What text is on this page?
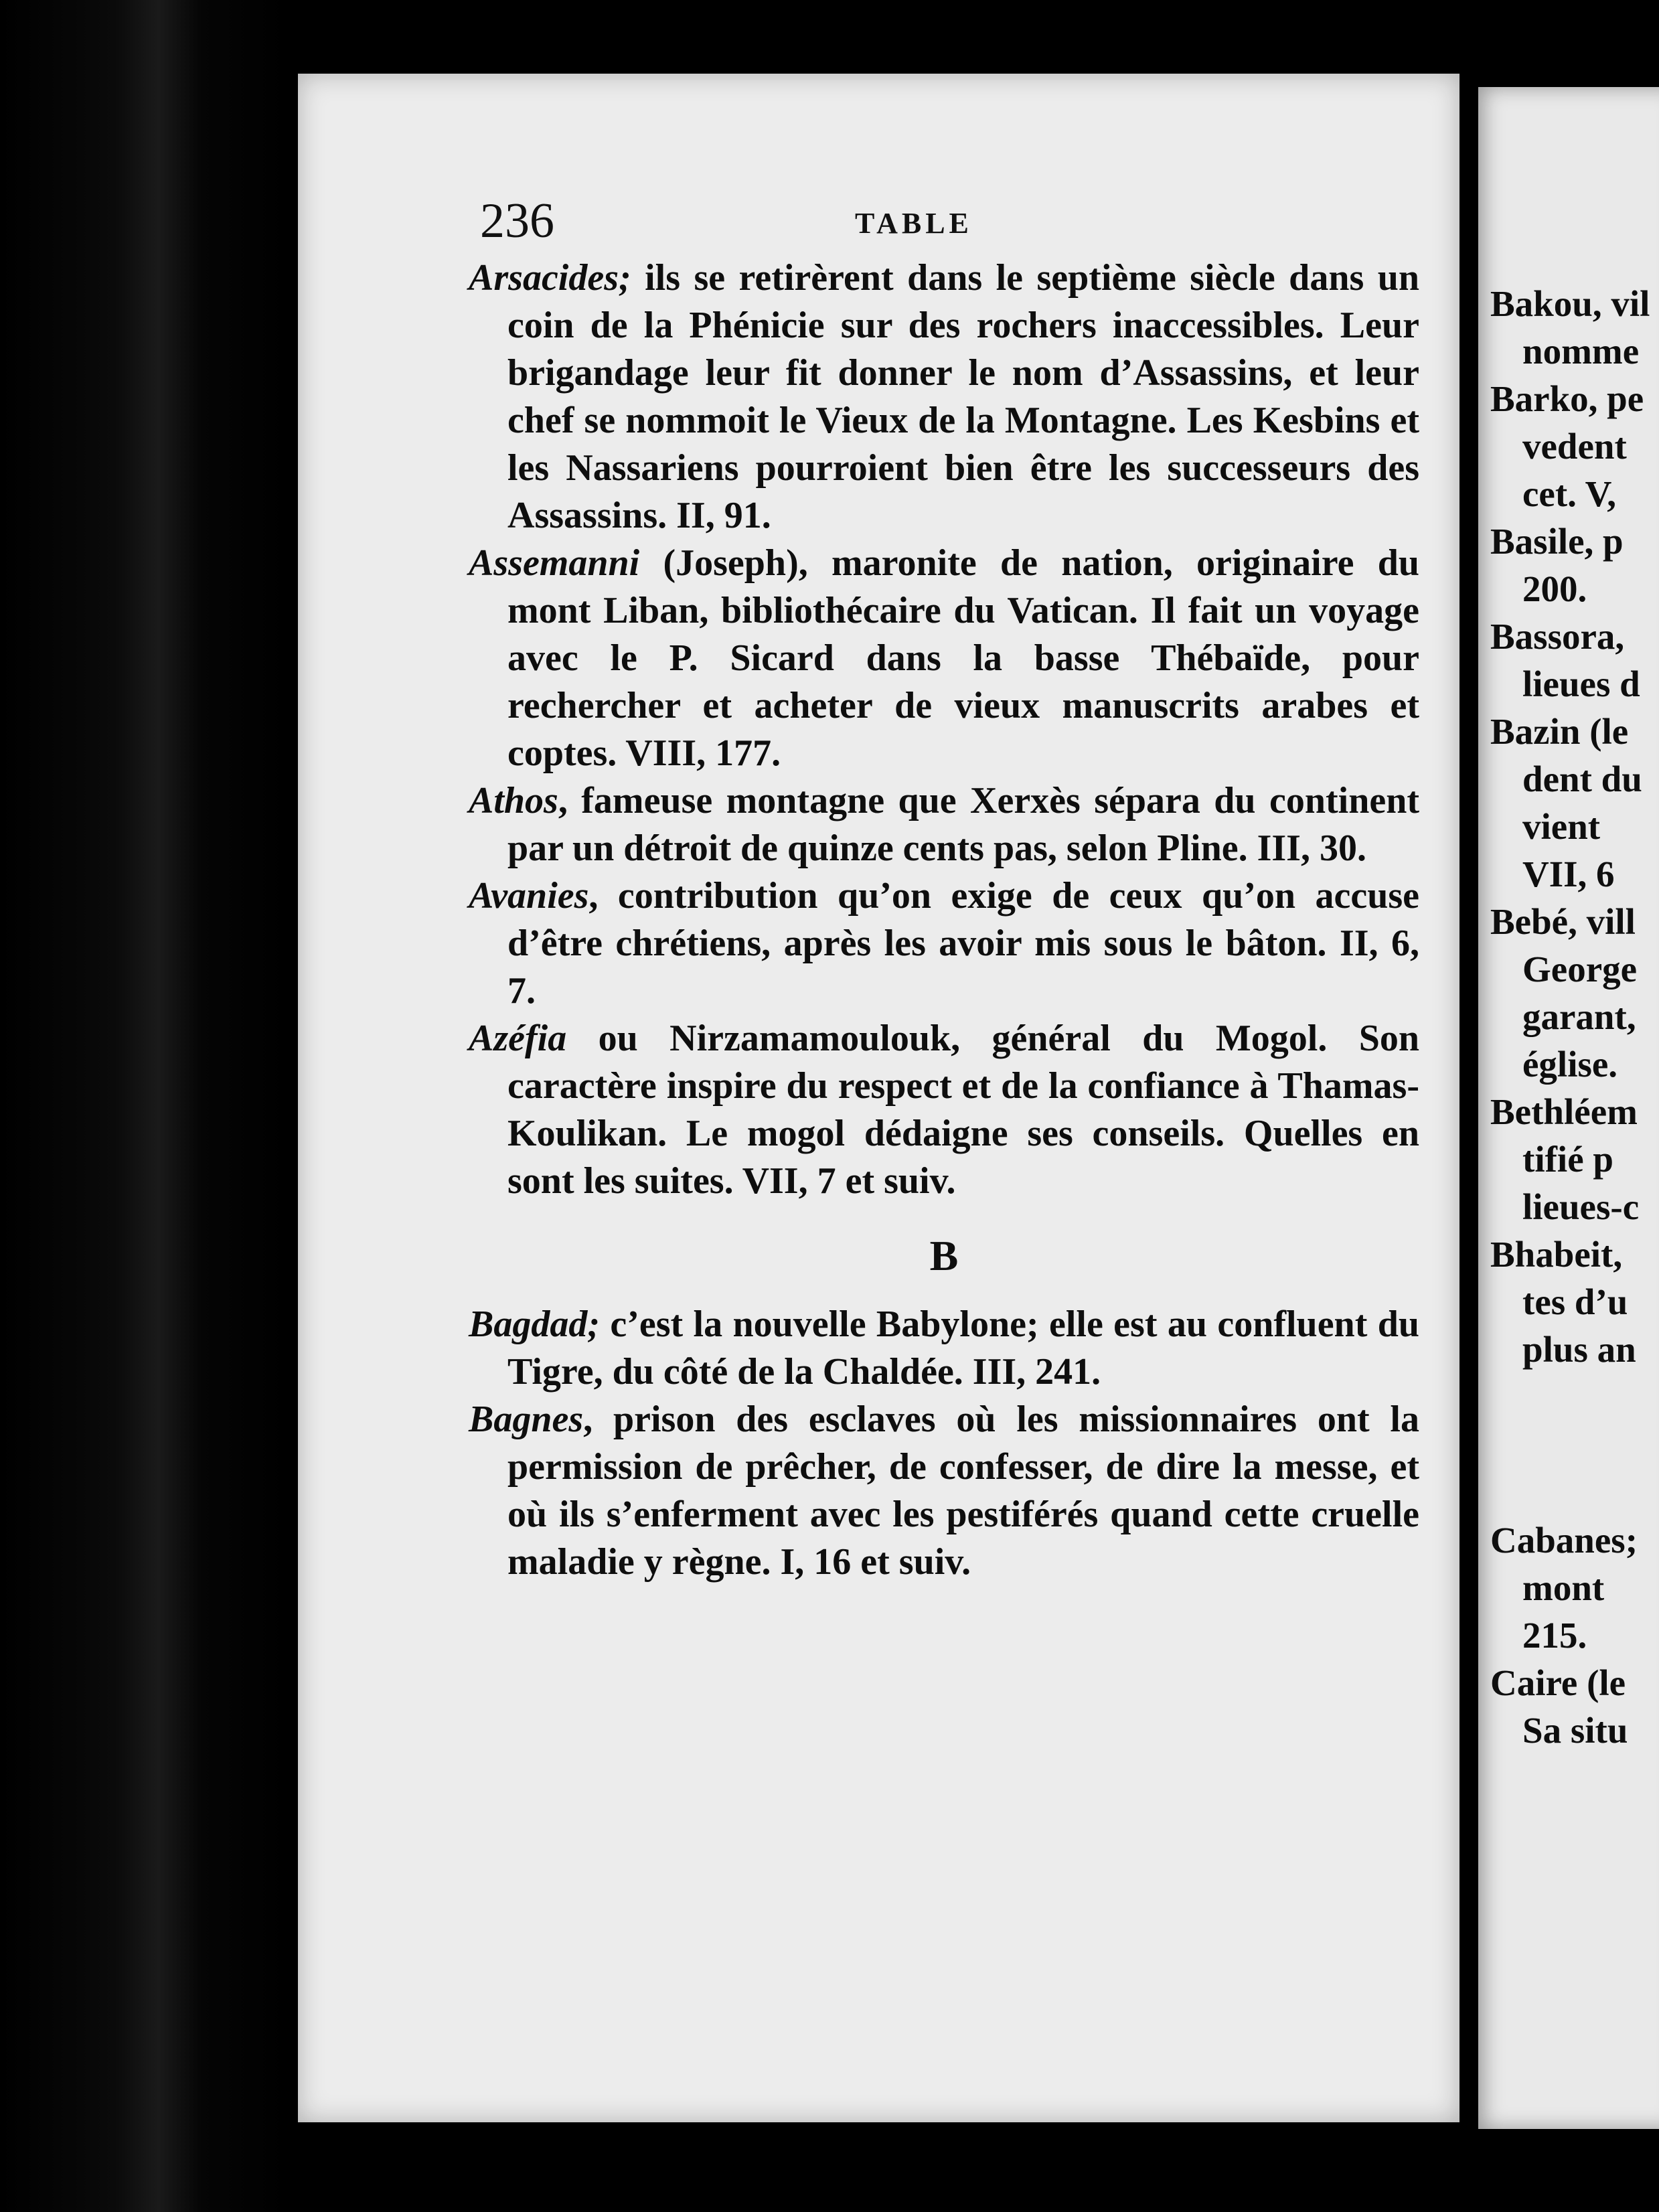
236	TABLE

Arsacides; ils se retirèrent dans le septième siècle dans un coin de la Phénicie sur des rochers inaccessibles. Leur brigandage leur fit donner le nom d’Assassins, et leur chef se nommoit le Vieux de la Montagne. Les Kesbins et les Nassariens pourroient bien être les successeurs des Assassins. II, 91.

Assemanni (Joseph), maronite de nation, originaire du mont Liban, bibliothécaire du Vatican. Il fait un voyage avec le P. Sicard dans la basse Thébaïde, pour rechercher et acheter de vieux manuscrits arabes et coptes. VIII, 177.

Athos, fameuse montagne que Xerxès sépara du continent par un détroit de quinze cents pas, selon Pline. III, 30.

Avanies, contribution qu’on exige de ceux qu’on accuse d’être chrétiens, après les avoir mis sous le bâton. II, 6, 7.

Azéfia ou Nirzamamoulouk, général du Mogol. Son caractère inspire du respect et de la confiance à Thamas-Koulikan. Le mogol dédaigne ses conseils. Quelles en sont les suites. VII, 7 et suiv.

B

Bagdad; c’est la nouvelle Babylone; elle est au confluent du Tigre, du côté de la Chaldée. III, 241.

Bagnes, prison des esclaves où les missionnaires ont la permission de prêcher, de confesser, de dire la messe, et où ils s’enferment avec les pestiférés quand cette cruelle maladie y règne. I, 16 et suiv.

Bakou, vil
nomme
Barko, pe
vedent
cet. V,
Basile, p
200.
Bassora,
lieues d
Bazin (le
dent du
vient
VII, 6
Bebé, vill
George
garant,
église.
Bethléem
tifié p
lieues-c
Bhabeit,
tes d’u
plus an
Cabanes;
mont
215.
Caire (le
Sa situ
